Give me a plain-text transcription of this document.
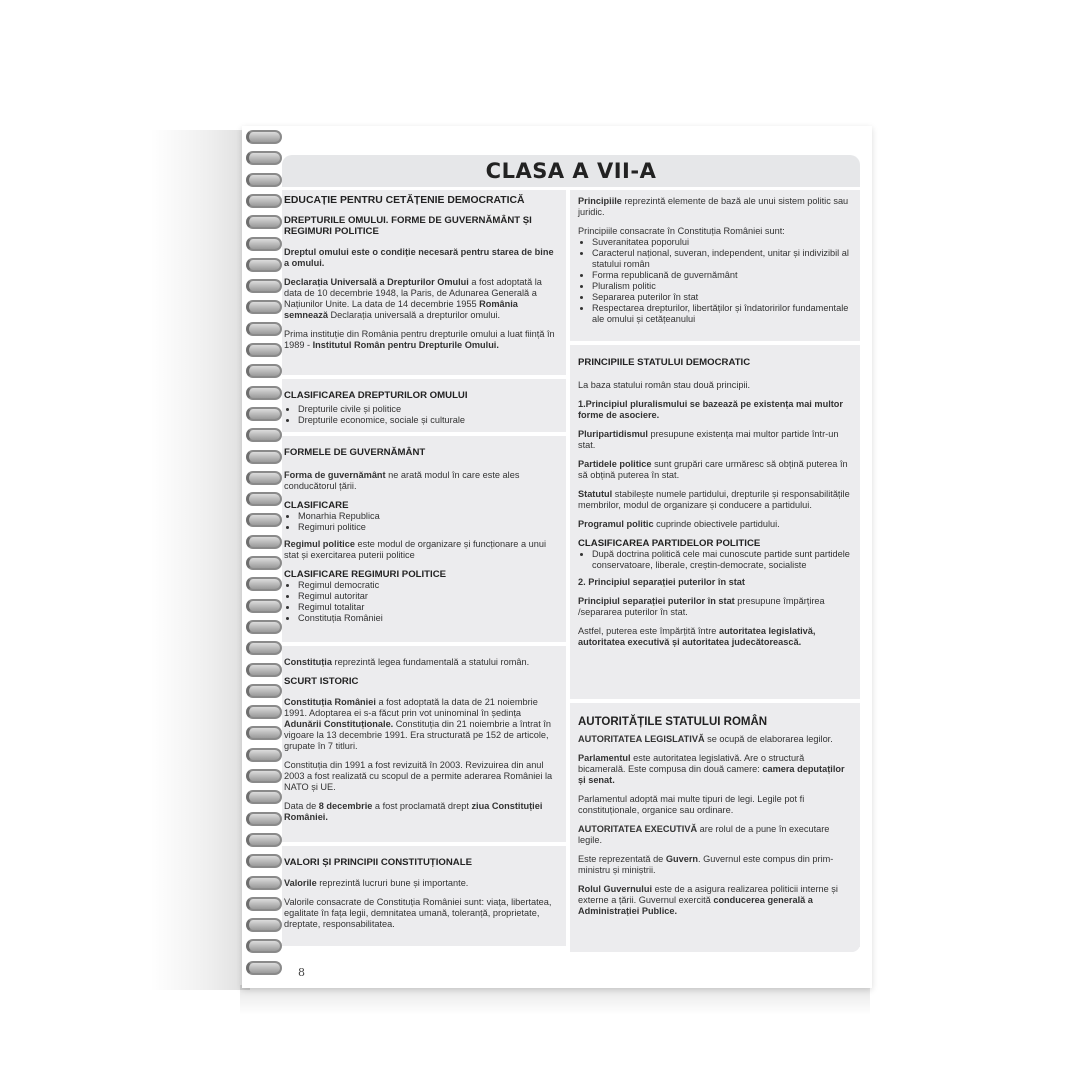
CLASA A VII-A
EDUCAȚIE PENTRU CETĂȚENIE DEMOCRATICĂ
DREPTURILE OMULUI. FORME DE GUVERNĂMÂNT ȘI REGIMURI POLITICE

Dreptul omului este o condiție necesară pentru starea de bine a omului.

Declarația Universală a Drepturilor Omului a fost adoptată la data de 10 decembrie 1948, la Paris, de Adunarea Generală a Națiunilor Unite. La data de 14 decembrie 1955 România semnează Declarația universală a drepturilor omului.

Prima instituție din România pentru drepturile omului a luat ființă în 1989 - Institutul Român pentru Drepturile Omului.

CLASIFICAREA DREPTURILOR OMULUI
• Drepturile civile și politice
• Drepturile economice, sociale și culturale
FORMELE DE GUVERNĂMÂNT

Forma de guvernământ ne arată modul în care este ales conducătorul țării.

CLASIFICARE
• Monarhia Republica
• Regimuri politice

Regimul politice este modul de organizare și funcționare a unui stat și exercitarea puterii politice

CLASIFICARE REGIMURI POLITICE
• Regimul democratic
• Regimul autoritar
• Regimul totalitar
• Constituția României

Constituția reprezintă legea fundamentală a statului român.

SCURT ISTORIC

Constituția României a fost adoptată la data de 21 noiembrie 1991. Adoptarea ei s-a făcut prin vot uninominal în ședința Adunării Constituționale. Constituția din 21 noiembrie a întrat în vigoare la 13 decembrie 1991. Era structurată pe 152 de articole, grupate în 7 titluri.

Constituția din 1991 a fost revizuită în 2003. Revizuirea din anul 2003 a fost realizată cu scopul de a permite aderarea României la NATO și UE.

Data de 8 decembrie a fost proclamată drept ziua Constituției României.

VALORI ȘI PRINCIPII CONSTITUȚIONALE

Valorile reprezintă lucruri bune și importante.

Valorile consacrate de Constituția României sunt: viața, libertatea, egalitate în fața legii, demnitatea umană, toleranță, proprietate, dreptate, responsabilitatea.

Principiile reprezintă elemente de bază ale unui sistem politic sau juridic.

Principiile consacrate în Constituția României sunt:

• Suveranitatea poporului
• Caracterul național, suveran, independent, unitar și indivizibil al statului român
• Forma republicană de guvernământ
• Pluralism politic
• Separarea puterilor în stat
• Respectarea drepturilor, libertăților și îndatoririlor fundamentale ale omului și cetățeanului
PRINCIPIILE STATULUI DEMOCRATIC

La baza statului român stau două principii.

1.Principiul pluralismului se bazează pe existența mai multor forme de asociere.

Pluripartidismul presupune existența mai multor partide într-un stat.

Partidele politice sunt grupări care urmăresc să obțină puterea în să obțină puterea în stat.

Statutul stabilește numele partidului, drepturile și responsabilitățile membrilor, modul de organizare și conducere a partidului.

Programul politic cuprinde obiectivele partidului.

CLASIFICAREA PARTIDELOR POLITICE
• După doctrina politică cele mai cunoscute partide sunt partidele conservatoare, liberale, creștin-democrate, socialiste

2. Principiul separației puterilor în stat

Principiul separației puterilor în stat presupune împărțirea /separarea puterilor în stat.

Astfel, puterea este împărțită între autoritatea legislativă, autoritatea executivă și autoritatea judecătorească.

AUTORITĂȚILE STATULUI ROMÂN

AUTORITATEA LEGISLATIVĂ se ocupă de elaborarea legilor.

Parlamentul este autoritatea legislativă. Are o structură bicamerală. Este compusa din două camere: camera deputaților și senat.

Parlamentul adoptă mai multe tipuri de legi. Legile pot fi constituționale, organice sau ordinare.

AUTORITATEA EXECUTIVĂ are rolul de a pune în executare legile.

Este reprezentată de Guvern. Guvernul este compus din prim-ministru și miniștrii.

Rolul Guvernului este de a asigura realizarea politicii interne și externe a țării. Guvernul exercită conducerea generală a Administrației Publice.

8
